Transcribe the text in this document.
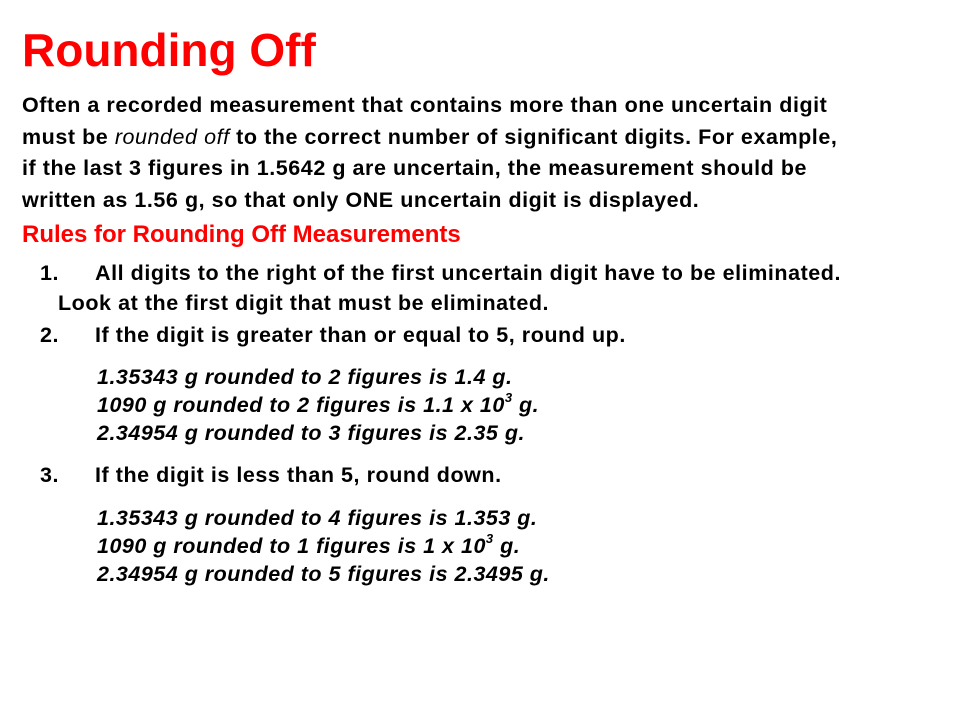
Rounding Off

Often a recorded measurement that contains more than one uncertain digit
must be rounded off to the correct number of significant digits. For example,
if the last 3 figures in 1.5642 g are uncertain, the measurement should be
written as 1.56 g, so that only ONE uncertain digit is displayed.

Rules for Rounding Off Measurements
1. All digits to the right of the first uncertain digit have to be eliminated.
Look at the first digit that must be eliminated.
2. If the digit is greater than or equal to 5, round up.
1.35343 g rounded to 2 figures is 1.4 g.
1090 g rounded to 2 figures is 1.1 x $10^3$ g.
2.34954 g rounded to 3 figures is 2.35 g.
3. If the digit is less than 5, round down.
1.35343 g rounded to 4 figures is 1.353 g.
1090 g rounded to 1 figures is 1 x $10^3$ g.
2.34954 g rounded to 5 figures is 2.3495 g.
